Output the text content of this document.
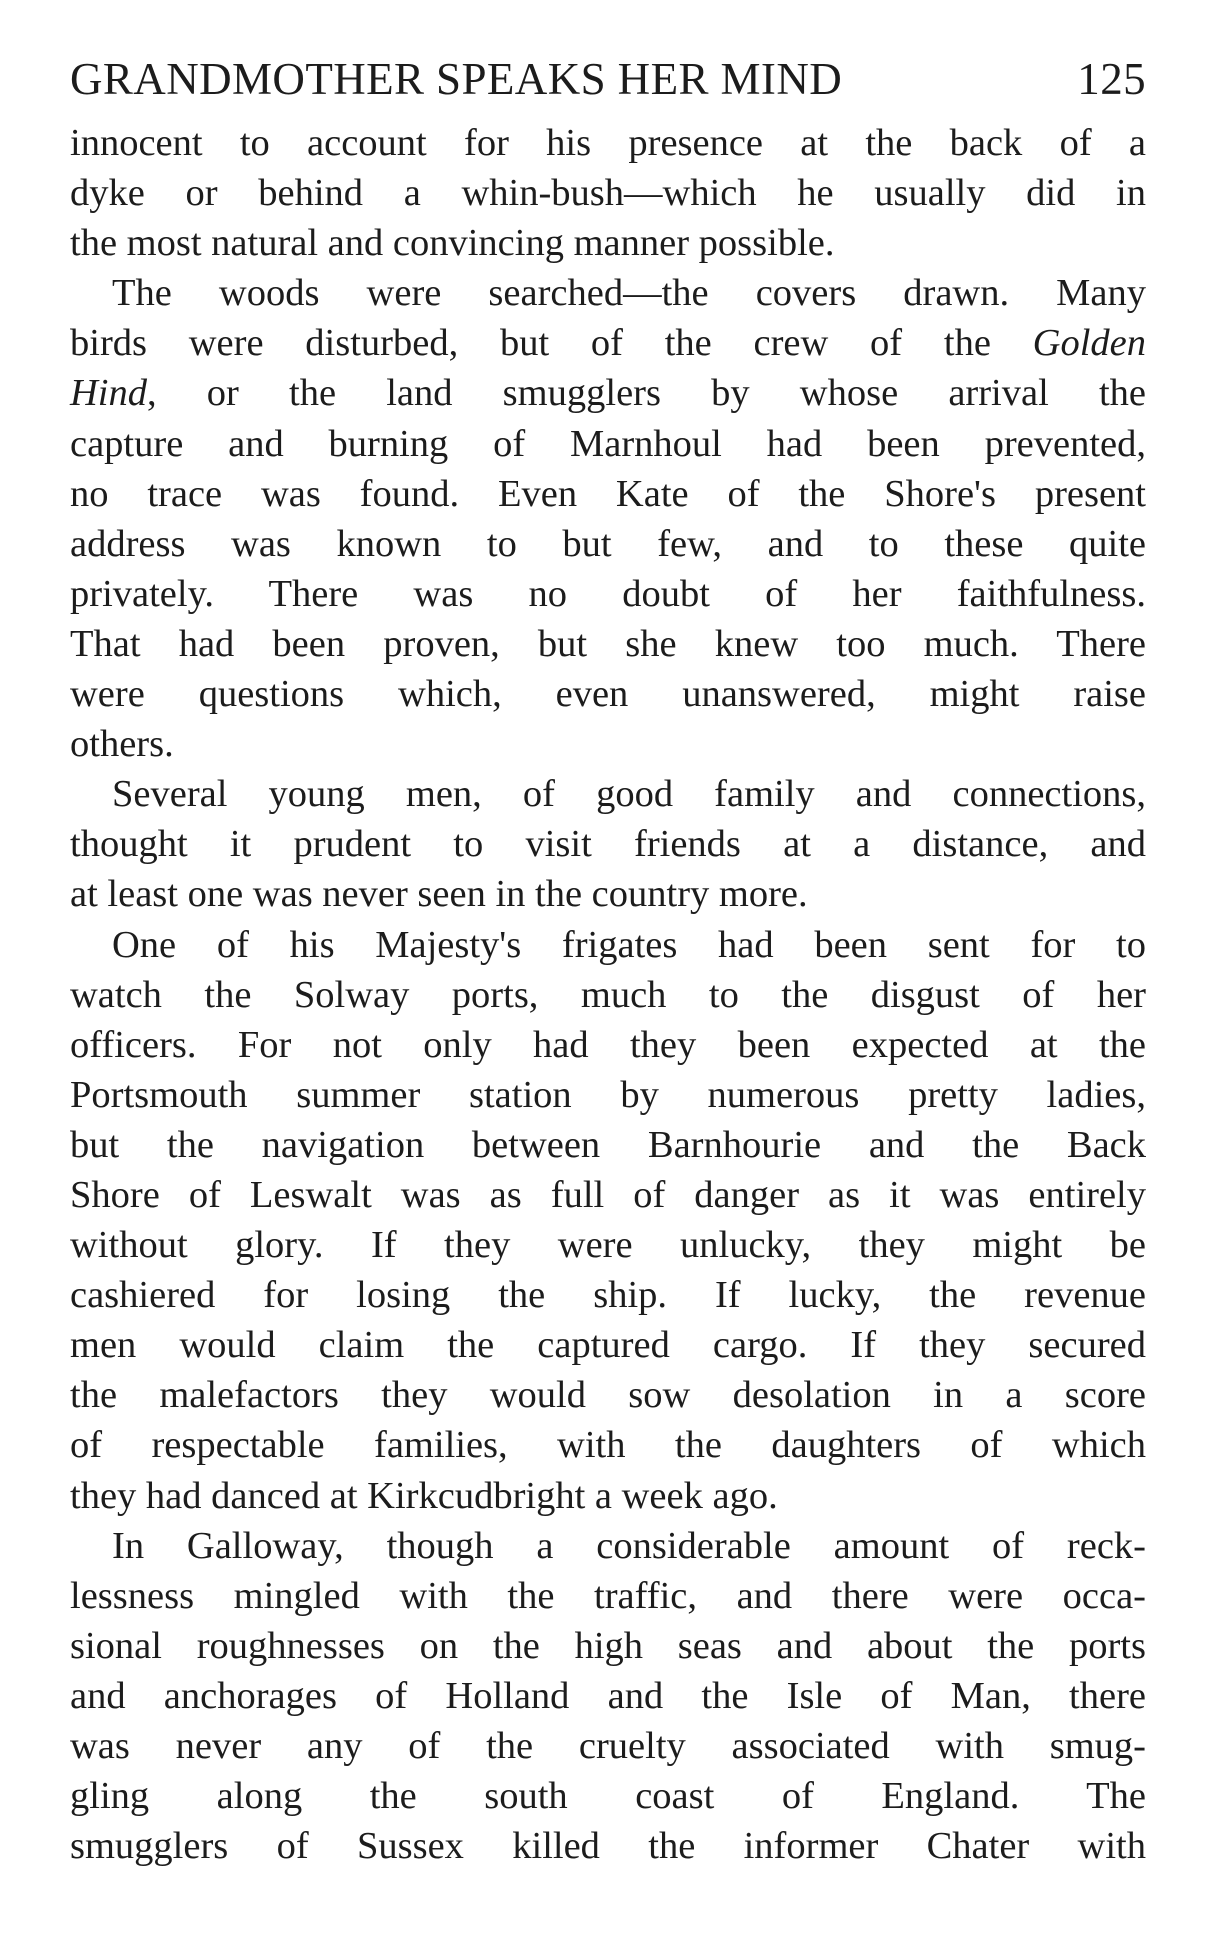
GRANDMOTHER SPEAKS HER MIND	125

innocent to account for his presence at the back of a
dyke or behind a whin-bush—which he usually did in
the most natural and convincing manner possible.

The woods were searched—the covers drawn. Many
birds were disturbed, but of the crew of the Golden
Hind, or the land smugglers by whose arrival the
capture and burning of Marnhoul had been prevented,
no trace was found. Even Kate of the Shore's present
address was known to but few, and to these quite
privately. There was no doubt of her faithfulness.
That had been proven, but she knew too much. There
were questions which, even unanswered, might raise
others.

Several young men, of good family and connections,
thought it prudent to visit friends at a distance, and
at least one was never seen in the country more.

One of his Majesty's frigates had been sent for to
watch the Solway ports, much to the disgust of her
officers. For not only had they been expected at the
Portsmouth summer station by numerous pretty ladies,
but the navigation between Barnhourie and the Back
Shore of Leswalt was as full of danger as it was entirely
without glory. If they were unlucky, they might be
cashiered for losing the ship. If lucky, the revenue
men would claim the captured cargo. If they secured
the malefactors they would sow desolation in a score
of respectable families, with the daughters of which
they had danced at Kirkcudbright a week ago.

In Galloway, though a considerable amount of reck-
lessness mingled with the traffic, and there were occa-
sional roughnesses on the high seas and about the ports
and anchorages of Holland and the Isle of Man, there
was never any of the cruelty associated with smug-
gling along the south coast of England. The
smugglers of Sussex killed the informer Chater with
